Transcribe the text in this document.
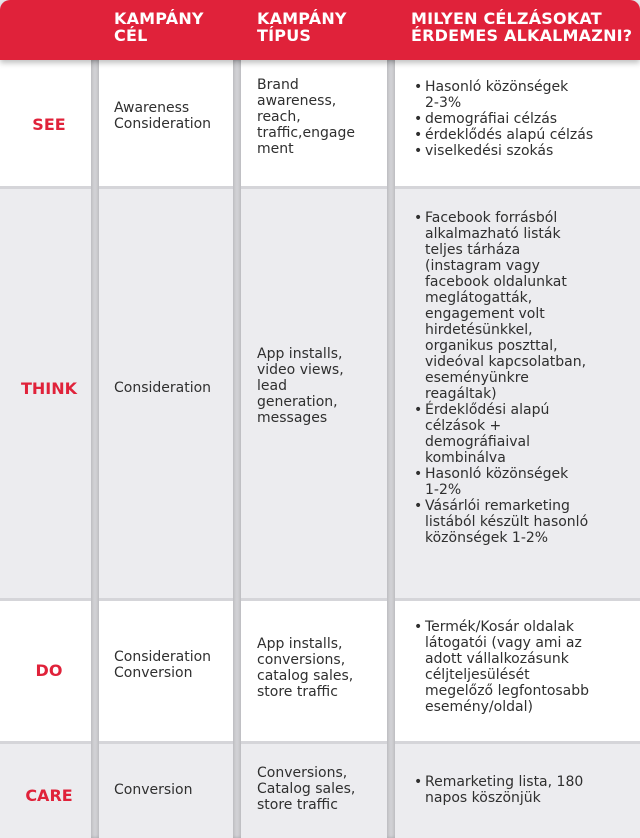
KAMPÁNY
CÉL
KAMPÁNY
TÍPUS
MILYEN CÉLZÁSOKAT
ÉRDEMES ALKALMAZNI?
SEE
Awareness
Consideration
Brand
awareness,
reach,
traffic,engage
ment
• Hasonló közönségek
2-3%
• demográfiai célzás
• érdeklődés alapú célzás
• viselkedési szokás
THINK	Consideration
App installs,
video views,
lead
generation,
messages
• Facebook forrásból
alkalmazható listák
teljes tárháza
(instagram vagy
facebook oldalunkat
meglátogatták,
engagement volt
hirdetésünkkel,
organikus poszttal,
videóval kapcsolatban,
eseményünkre
reagáltak)
• Érdeklődési alapú
célzások +
demográfiaival
kombinálva
• Hasonló közönségek
1-2%
• Vásárlói remarketing
listából készült hasonló
közönségek 1-2%
DO
Consideration
Conversion
App installs,
conversions,
catalog sales,
store traffic
• Termék/Kosár oldalak
látogatói (vagy ami az
adott vállalkozásunk
céljteljesülését
megelőző legfontosabb
esemény/oldal)
CARE	Conversion
Conversions,
Catalog sales,
store traffic
• Remarketing lista, 180
napos köszönjük
